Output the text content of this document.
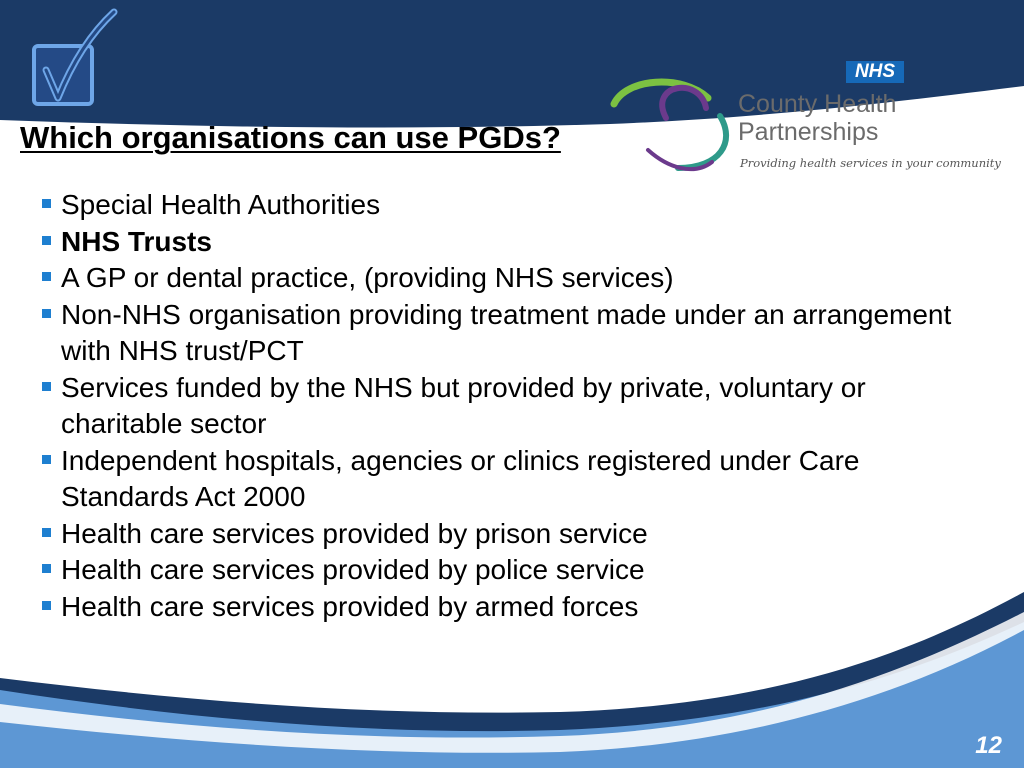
NHS
County Health
Partnerships
Providing health services in your community
Which organisations can use PGDs?
Special Health Authorities
NHS Trusts
A GP or dental practice, (providing NHS services)
Non-NHS organisation providing treatment made under an arrangement with NHS trust/PCT
Services funded by the NHS but provided by private, voluntary or charitable sector
Independent hospitals, agencies or clinics registered under Care Standards Act 2000
Health care services provided by prison service
Health care services provided by police service
Health care services provided by armed forces
12
